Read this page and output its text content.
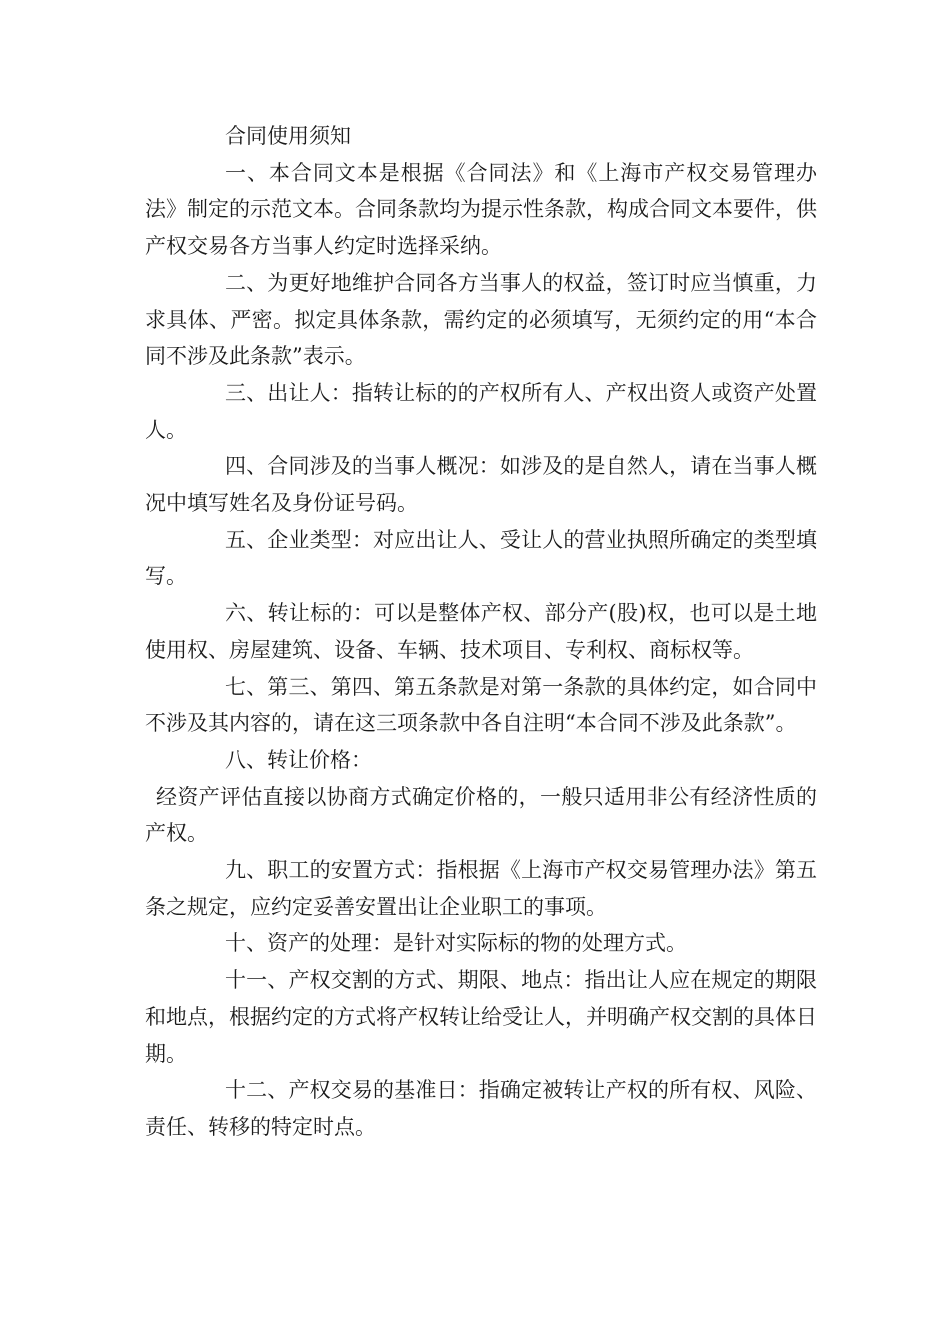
合同使用须知

一、本合同文本是根据《合同法》和《上海市产权交易管理办法》制定的示范文本。合同条款均为提示性条款，构成合同文本要件，供产权交易各方当事人约定时选择采纳。

二、为更好地维护合同各方当事人的权益，签订时应当慎重，力求具体、严密。拟定具体条款，需约定的必须填写，无须约定的用“本合同不涉及此条款”表示。

三、出让人：指转让标的的产权所有人、产权出资人或资产处置人。

四、合同涉及的当事人概况：如涉及的是自然人，请在当事人概况中填写姓名及身份证号码。

五、企业类型：对应出让人、受让人的营业执照所确定的类型填写。

六、转让标的：可以是整体产权、部分产(股)权，也可以是土地使用权、房屋建筑、设备、车辆、技术项目、专利权、商标权等。

七、第三、第四、第五条款是对第一条款的具体约定，如合同中不涉及其内容的，请在这三项条款中各自注明“本合同不涉及此条款”。

八、转让价格：

经资产评估直接以协商方式确定价格的，一般只适用非公有经济性质的产权。

九、职工的安置方式：指根据《上海市产权交易管理办法》第五条之规定，应约定妥善安置出让企业职工的事项。

十、资产的处理：是针对实际标的物的处理方式。

十一、产权交割的方式、期限、地点：指出让人应在规定的期限和地点，根据约定的方式将产权转让给受让人，并明确产权交割的具体日期。

十二、产权交易的基准日：指确定被转让产权的所有权、风险、责任、转移的特定时点。
